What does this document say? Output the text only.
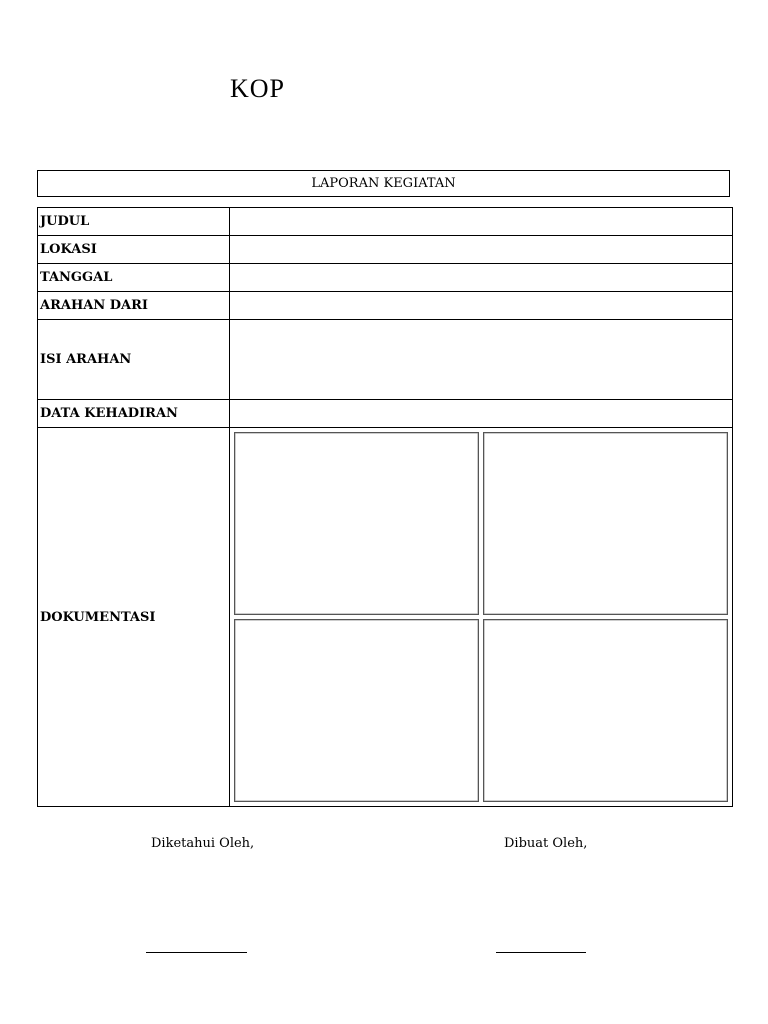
KOP
LAPORAN KEGIATAN
JUDUL	
LOKASI	
TANGGAL	
ARAHAN DARI	
ISI ARAHAN	
DATA KEHADIRAN	
DOKUMENTASI	
Diketahui Oleh,	Dibuat Oleh,
